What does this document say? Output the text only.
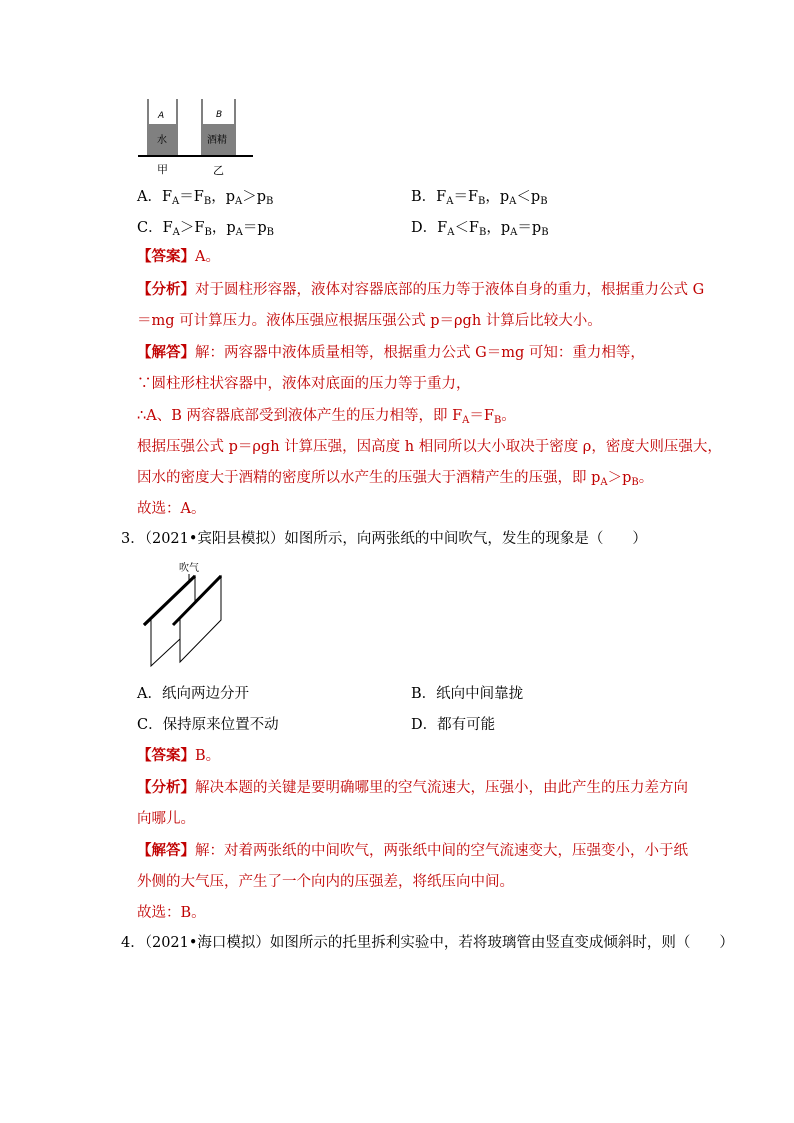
A	B
水	酒精
甲	乙
A．$F_A=F_B$，$p_A>p_B$	B．$F_A=F_B$，$p_A<p_B$
C．$F_A>F_B$，$p_A=p_B$	D．$F_A<F_B$，$p_A=p_B$
【答案】A。
【分析】对于圆柱形容器，液体对容器底部的压力等于液体自身的重力，根据重力公式 G
＝mg 可计算压力。液体压强应根据压强公式 p＝ρgh 计算后比较大小。
【解答】解：两容器中液体质量相等，根据重力公式 G＝mg 可知：重力相等，
∵圆柱形柱状容器中，液体对底面的压力等于重力，
∴A、B 两容器底部受到液体产生的压力相等，即 $F_A=F_B$。
根据压强公式 p＝ρgh 计算压强，因高度 h 相同所以大小取决于密度 ρ，密度大则压强大，
因水的密度大于酒精的密度所以水产生的压强大于酒精产生的压强，即 $p_A>p_B$。
故选：A。
3．（2021•宾阳县模拟）如图所示，向两张纸的中间吹气，发生的现象是（　　）
吹气
A．纸向两边分开	B．纸向中间靠拢
C．保持原来位置不动	D．都有可能
【答案】B。
【分析】解决本题的关键是要明确哪里的空气流速大，压强小，由此产生的压力差方向
向哪儿。
【解答】解：对着两张纸的中间吹气，两张纸中间的空气流速变大，压强变小，小于纸
外侧的大气压，产生了一个向内的压强差，将纸压向中间。
故选：B。
4．（2021•海口模拟）如图所示的托里拆利实验中，若将玻璃管由竖直变成倾斜时，则（　　）
